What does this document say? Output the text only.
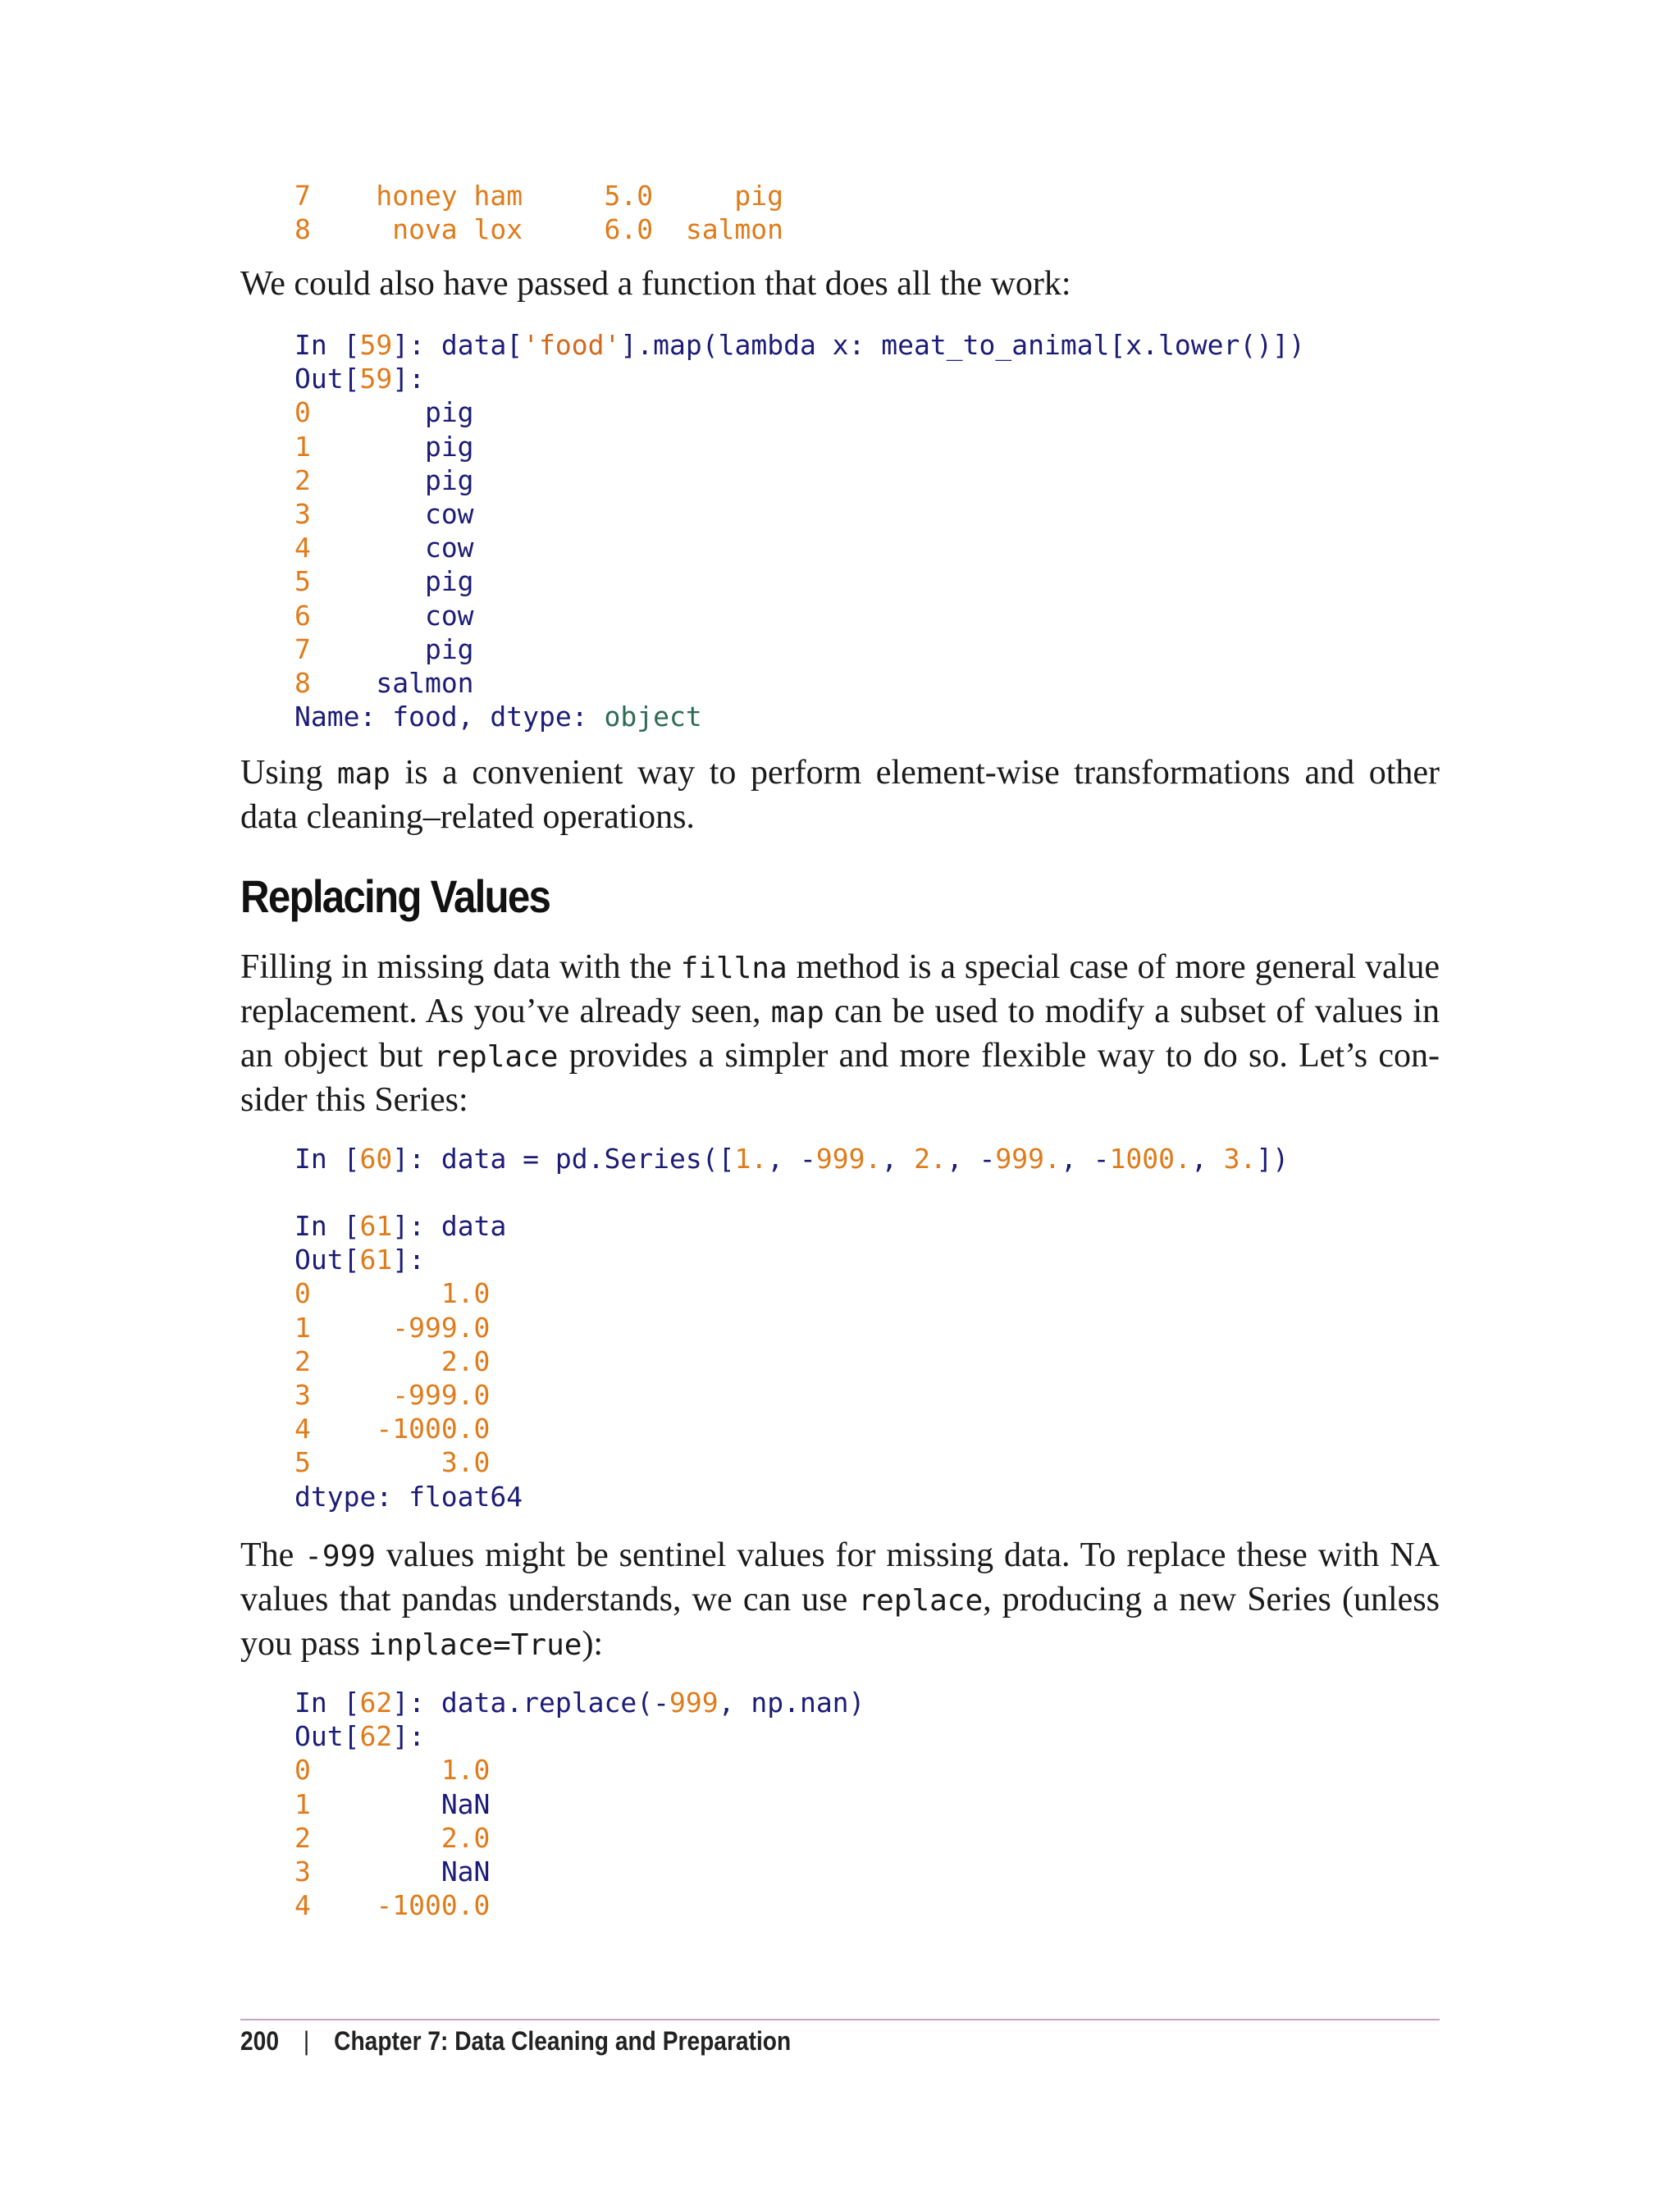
7    honey ham     5.0     pig
8     nova lox     6.0  salmon

We could also have passed a function that does all the work:

In [59]: data['food'].map(lambda x: meat_to_animal[x.lower()])
Out[59]:
0       pig
1       pig
2       pig
3       cow
4       cow
5       pig
6       cow
7       pig
8    salmon
Name: food, dtype: object

Using map is a convenient way to perform element-wise transformations and other data cleaning–related operations.

Replacing Values

Filling in missing data with the fillna method is a special case of more general value replacement. As you’ve already seen, map can be used to modify a subset of values in an object but replace provides a simpler and more flexible way to do so. Let’s consider this Series:

In [60]: data = pd.Series([1., -999., 2., -999., -1000., 3.])
In [61]: data
Out[61]:
0        1.0
1     -999.0
2        2.0
3     -999.0
4    -1000.0
5        3.0
dtype: float64

The -999 values might be sentinel values for missing data. To replace these with NA values that pandas understands, we can use replace, producing a new Series (unless you pass inplace=True):

In [62]: data.replace(-999, np.nan)
Out[62]:
0        1.0
1        NaN
2        2.0
3        NaN
4    -1000.0
200 | Chapter 7: Data Cleaning and Preparation
